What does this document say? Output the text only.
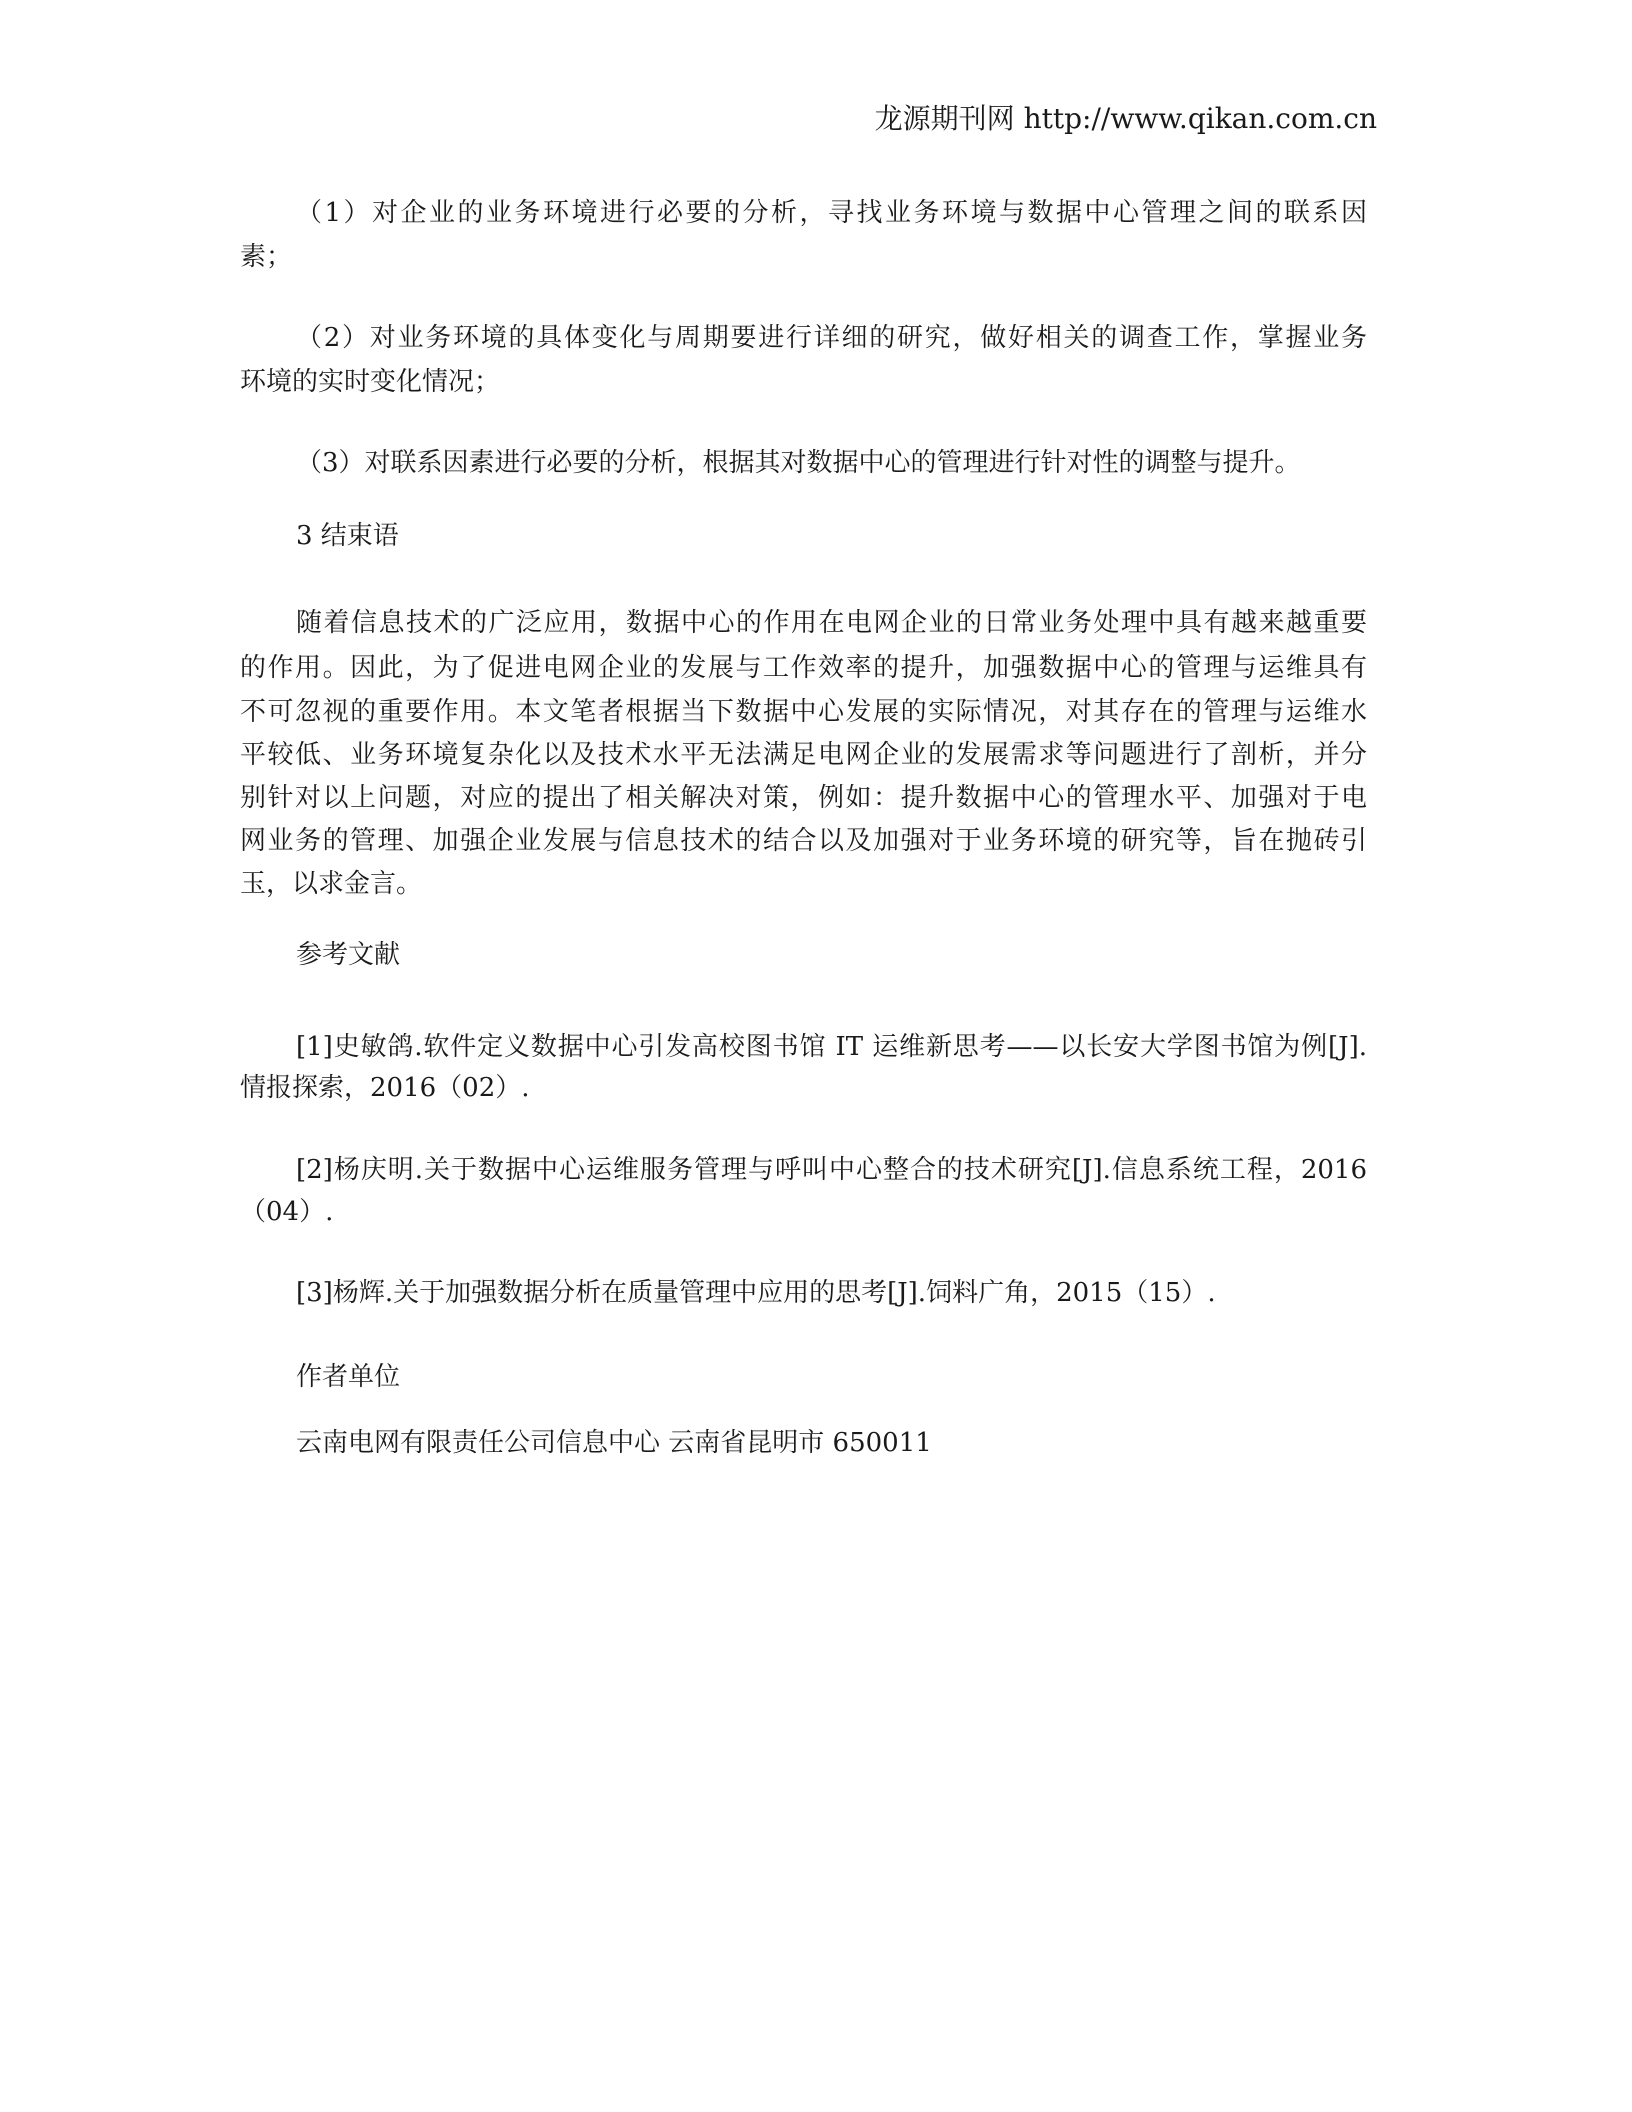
龙源期刊网 http://www.qikan.com.cn
（1）对企业的业务环境进行必要的分析，寻找业务环境与数据中心管理之间的联系因
素；
（2）对业务环境的具体变化与周期要进行详细的研究，做好相关的调查工作，掌握业务
环境的实时变化情况；
（3）对联系因素进行必要的分析，根据其对数据中心的管理进行针对性的调整与提升。
3 结束语
随着信息技术的广泛应用，数据中心的作用在电网企业的日常业务处理中具有越来越重要
的作用。因此，为了促进电网企业的发展与工作效率的提升，加强数据中心的管理与运维具有
不可忽视的重要作用。本文笔者根据当下数据中心发展的实际情况，对其存在的管理与运维水
平较低、业务环境复杂化以及技术水平无法满足电网企业的发展需求等问题进行了剖析，并分
别针对以上问题，对应的提出了相关解决对策，例如：提升数据中心的管理水平、加强对于电
网业务的管理、加强企业发展与信息技术的结合以及加强对于业务环境的研究等，旨在抛砖引
玉，以求金言。
参考文献
[1]史敏鸽.软件定义数据中心引发高校图书馆 IT 运维新思考——以长安大学图书馆为例[J].
情报探索，2016（02）.
[2]杨庆明.关于数据中心运维服务管理与呼叫中心整合的技术研究[J].信息系统工程，2016
（04）.
[3]杨辉.关于加强数据分析在质量管理中应用的思考[J].饲料广角，2015（15）.
作者单位
云南电网有限责任公司信息中心 云南省昆明市 650011
